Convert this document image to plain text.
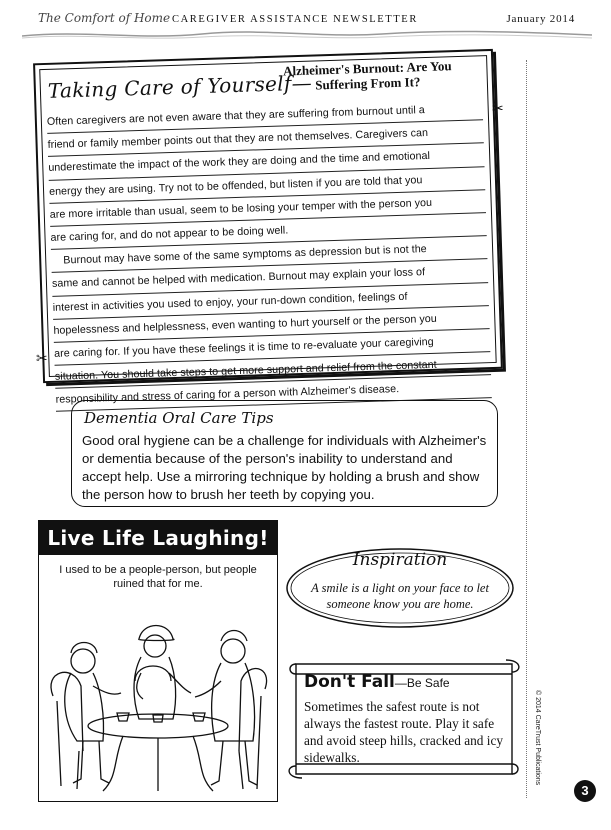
The Comfort of Home CAREGIVER ASSISTANCE NEWSLETTER	January 2014
Taking Care of Yourself—
Alzheimer's Burnout: Are You Suffering From It?
Often caregivers are not even aware that they are suffering from burnout until a
friend or family member points out that they are not themselves. Caregivers can
underestimate the impact of the work they are doing and the time and emotional
energy they are using. Try not to be offended, but listen if you are told that you
are more irritable than usual, seem to be losing your temper with the person you
are caring for, and do not appear to be doing well.
Burnout may have some of the same symptoms as depression but is not the
same and cannot be helped with medication. Burnout may explain your loss of
interest in activities you used to enjoy, your run-down condition, feelings of
hopelessness and helplessness, even wanting to hurt yourself or the person you
are caring for. If you have these feelings it is time to re-evaluate your caregiving
situation. You should take steps to get more support and relief from the constant
responsibility and stress of caring for a person with Alzheimer's disease.
✂
✂
Dementia Oral Care Tips
Good oral hygiene can be a challenge for individuals with Alzheimer's or dementia because of the person's inability to understand and accept help. Use a mirroring technique by holding a brush and show the person how to brush her teeth by copying you.
Live Life Laughing!
I used to be a people-person, but people ruined that for me.
Inspiration
A smile is a light on your face to let someone know you are home.
Don't Fall—Be Safe
Sometimes the safest route is not always the fastest route. Play it safe and avoid steep hills, cracked and icy sidewalks.	© 2014 CareTrust Publications
3
